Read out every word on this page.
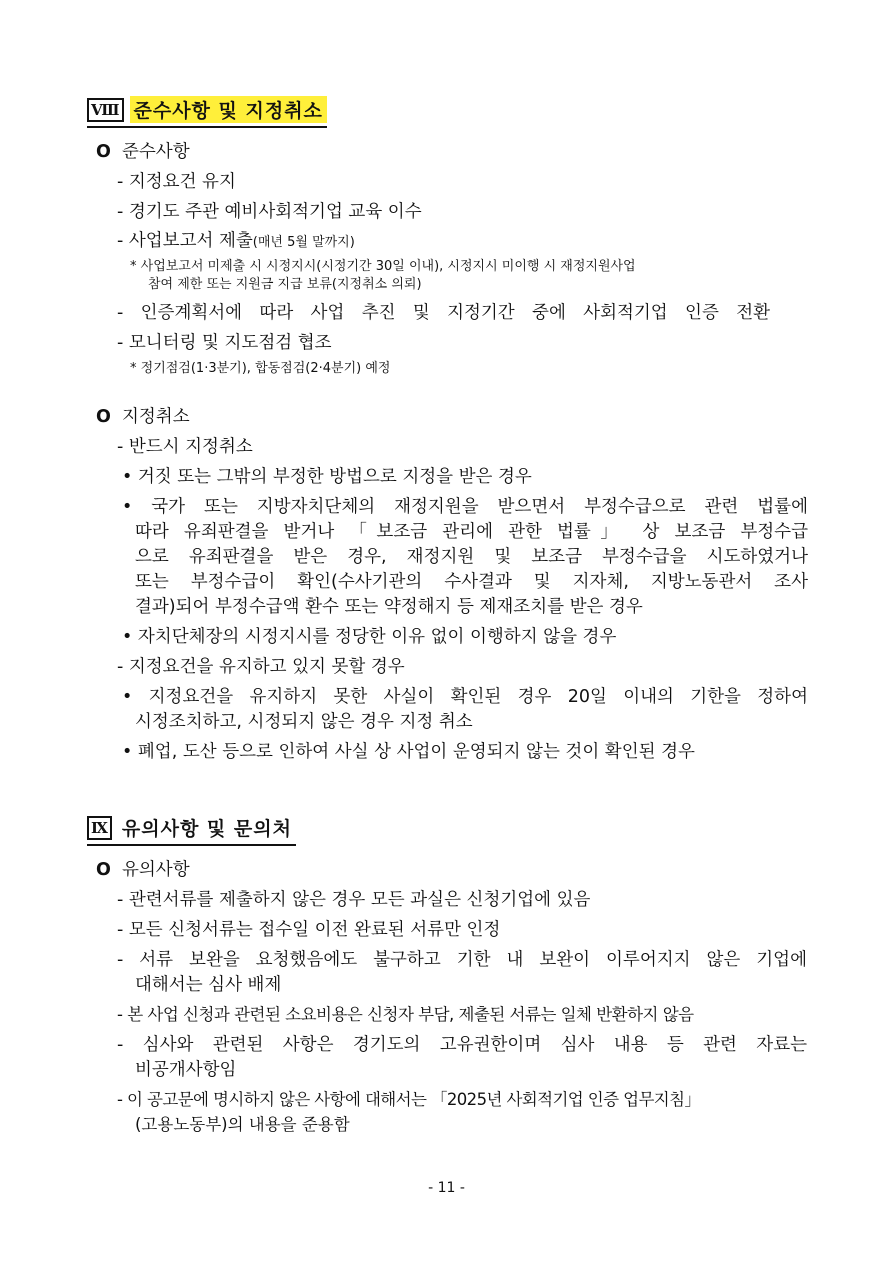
Ⅷ 준수사항 및 지정취소
O 준수사항
- 지정요건 유지
- 경기도 주관 예비사회적기업 교육 이수
- 사업보고서 제출(매년 5월 말까지)
* 사업보고서 미제출 시 시정지시(시정기간 30일 이내), 시정지시 미이행 시 재정지원사업
참여 제한 또는 지원금 지급 보류(지정취소 의뢰)
- 인증계획서에 따라 사업 추진 및 지정기간 중에 사회적기업 인증 전환
- 모니터링 및 지도점검 협조
* 정기점검(1·3분기), 합동점검(2·4분기) 예정
O 지정취소
- 반드시 지정취소
• 거짓 또는 그밖의 부정한 방법으로 지정을 받은 경우
• 국가 또는 지방자치단체의 재정지원을 받으면서 부정수급으로 관련 법률에
따라 유죄판결을 받거나 「보조금 관리에 관한 법률」 상 보조금 부정수급
으로 유죄판결을 받은 경우, 재정지원 및 보조금 부정수급을 시도하였거나
또는 부정수급이 확인(수사기관의 수사결과 및 지자체, 지방노동관서 조사
결과)되어 부정수급액 환수 또는 약정해지 등 제재조치를 받은 경우
• 자치단체장의 시정지시를 정당한 이유 없이 이행하지 않을 경우
- 지정요건을 유지하고 있지 못할 경우
• 지정요건을 유지하지 못한 사실이 확인된 경우 20일 이내의 기한을 정하여
시정조치하고, 시정되지 않은 경우 지정 취소
• 폐업, 도산 등으로 인하여 사실 상 사업이 운영되지 않는 것이 확인된 경우
Ⅸ 유의사항 및 문의처
O 유의사항
- 관련서류를 제출하지 않은 경우 모든 과실은 신청기업에 있음
- 모든 신청서류는 접수일 이전 완료된 서류만 인정
- 서류 보완을 요청했음에도 불구하고 기한 내 보완이 이루어지지 않은 기업에
대해서는 심사 배제
- 본 사업 신청과 관련된 소요비용은 신청자 부담, 제출된 서류는 일체 반환하지 않음
- 심사와 관련된 사항은 경기도의 고유권한이며 심사 내용 등 관련 자료는
비공개사항임
- 이 공고문에 명시하지 않은 사항에 대해서는 「2025년 사회적기업 인증 업무지침」
(고용노동부)의 내용을 준용함
- 11 -
